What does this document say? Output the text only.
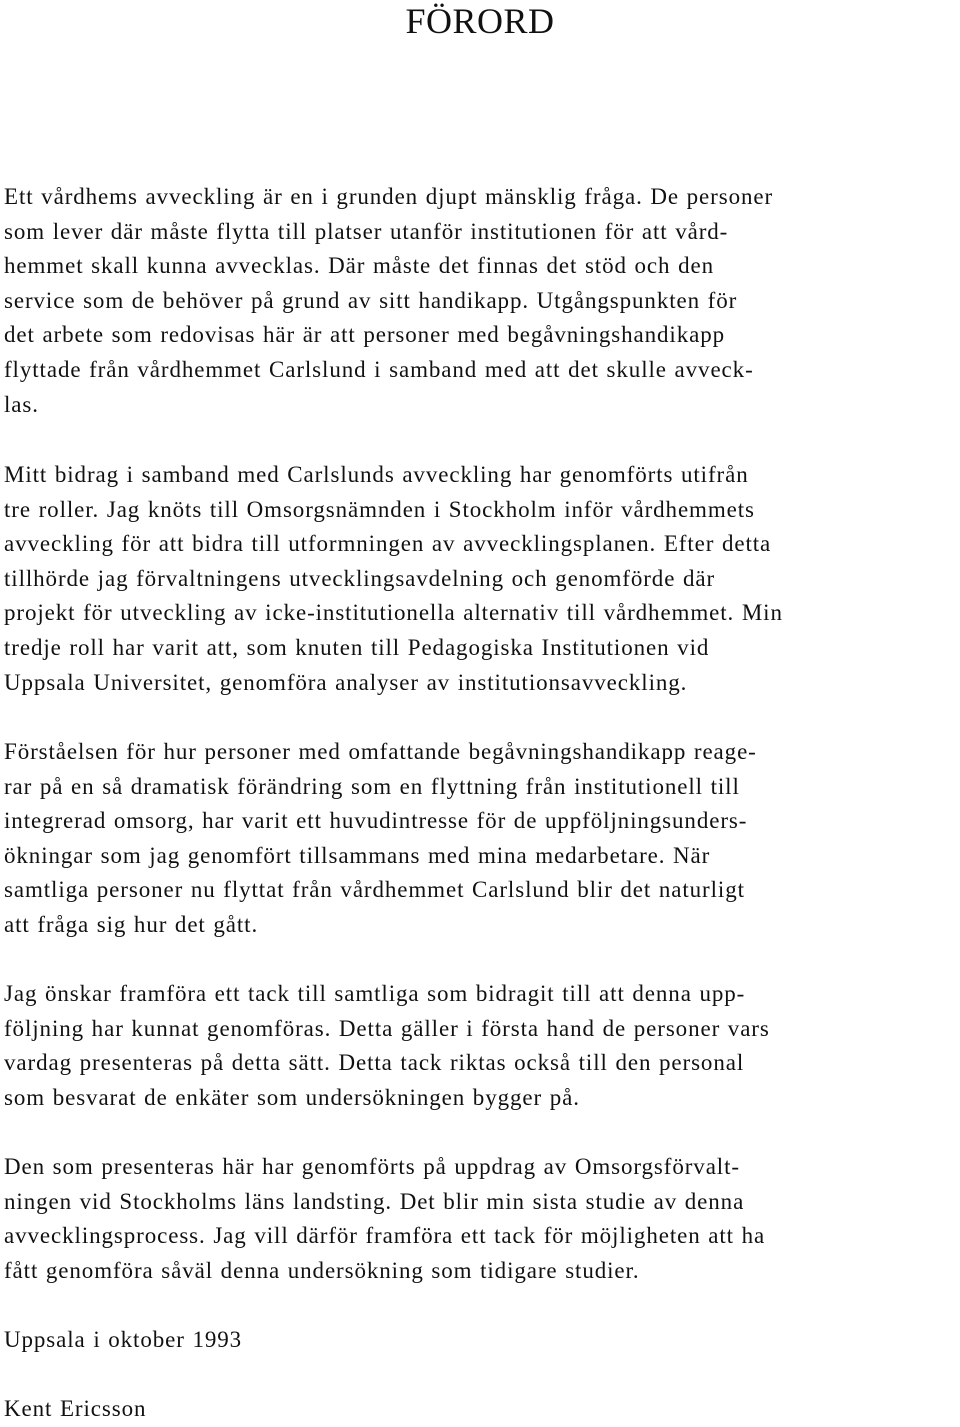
FÖRORD

Ett vårdhems avveckling är en i grunden djupt mänsklig fråga. De personer
som lever där måste flytta till platser utanför institutionen för att vård-
hemmet skall kunna avvecklas. Där måste det finnas det stöd och den
service som de behöver på grund av sitt handikapp. Utgångspunkten för
det arbete som redovisas här är att personer med begåvningshandikapp
flyttade från vårdhemmet Carlslund i samband med att det skulle avveck-
las.

Mitt bidrag i samband med Carlslunds avveckling har genomförts utifrån
tre roller. Jag knöts till Omsorgsnämnden i Stockholm inför vårdhemmets
avveckling för att bidra till utformningen av avvecklingsplanen. Efter detta
tillhörde jag förvaltningens utvecklingsavdelning och genomförde där
projekt för utveckling av icke-institutionella alternativ till vårdhemmet. Min
tredje roll har varit att, som knuten till Pedagogiska Institutionen vid
Uppsala Universitet, genomföra analyser av institutionsavveckling.

Förståelsen för hur personer med omfattande begåvningshandikapp reage-
rar på en så dramatisk förändring som en flyttning från institutionell till
integrerad omsorg, har varit ett huvudintresse för de uppföljningsunders-
ökningar som jag genomfört tillsammans med mina medarbetare. När
samtliga personer nu flyttat från vårdhemmet Carlslund blir det naturligt
att fråga sig hur det gått.

Jag önskar framföra ett tack till samtliga som bidragit till att denna upp-
följning har kunnat genomföras. Detta gäller i första hand de personer vars
vardag presenteras på detta sätt. Detta tack riktas också till den personal
som besvarat de enkäter som undersökningen bygger på.

Den som presenteras här har genomförts på uppdrag av Omsorgsförvalt-
ningen vid Stockholms läns landsting. Det blir min sista studie av denna
avvecklingsprocess. Jag vill därför framföra ett tack för möjligheten att ha
fått genomföra såväl denna undersökning som tidigare studier.

Uppsala i oktober 1993

Kent Ericsson
